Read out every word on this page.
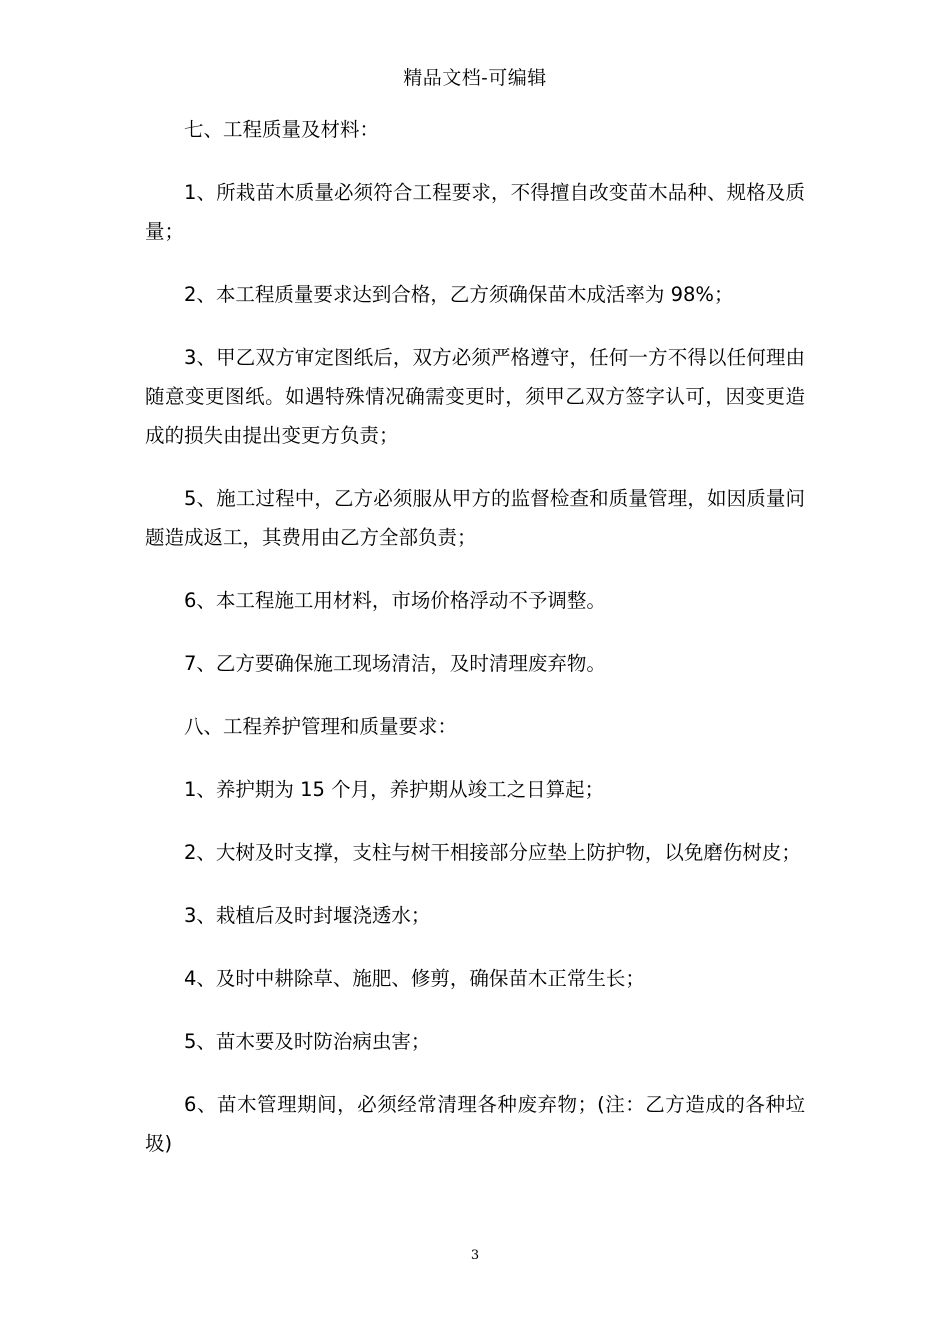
精品文档-可编辑

七、工程质量及材料：

1、所栽苗木质量必须符合工程要求，不得擅自改变苗木品种、规格及质量；

2、本工程质量要求达到合格，乙方须确保苗木成活率为 98%；

3、甲乙双方审定图纸后，双方必须严格遵守，任何一方不得以任何理由随意变更图纸。如遇特殊情况确需变更时，须甲乙双方签字认可，因变更造成的损失由提出变更方负责；

5、施工过程中，乙方必须服从甲方的监督检查和质量管理，如因质量问题造成返工，其费用由乙方全部负责；

6、本工程施工用材料，市场价格浮动不予调整。

7、乙方要确保施工现场清洁，及时清理废弃物。

八、工程养护管理和质量要求：

1、养护期为 15 个月，养护期从竣工之日算起；

2、大树及时支撑，支柱与树干相接部分应垫上防护物，以免磨伤树皮；

3、栽植后及时封堰浇透水；

4、及时中耕除草、施肥、修剪，确保苗木正常生长；

5、苗木要及时防治病虫害；

6、苗木管理期间，必须经常清理各种废弃物；(注：乙方造成的各种垃圾)

3
